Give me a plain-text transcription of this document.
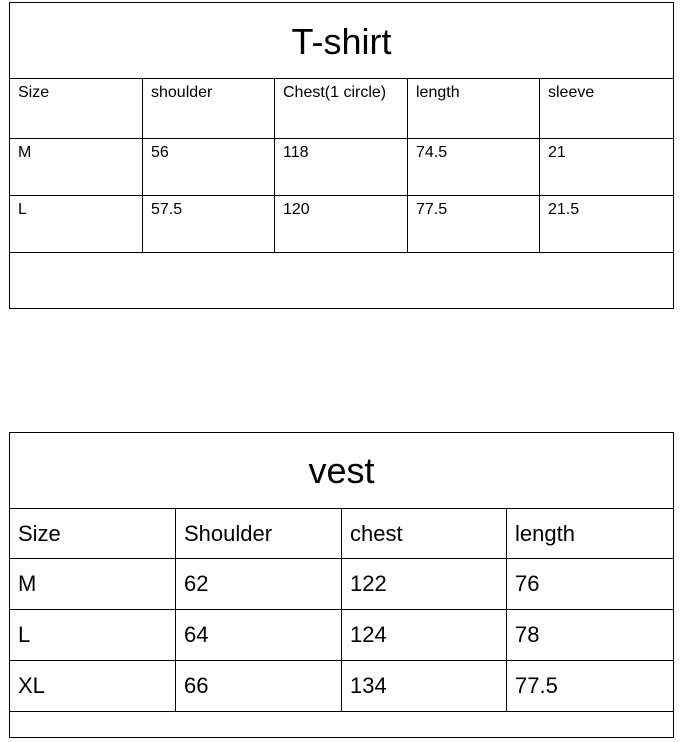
T-shirt				
Size	shoulder	Chest(1 circle)	length	sleeve
M	56	118	74.5	21
L	57.5	120	77.5	21.5

vest			
Size	Shoulder	chest	length
M	62	122	76
L	64	124	78
XL	66	134	77.5
